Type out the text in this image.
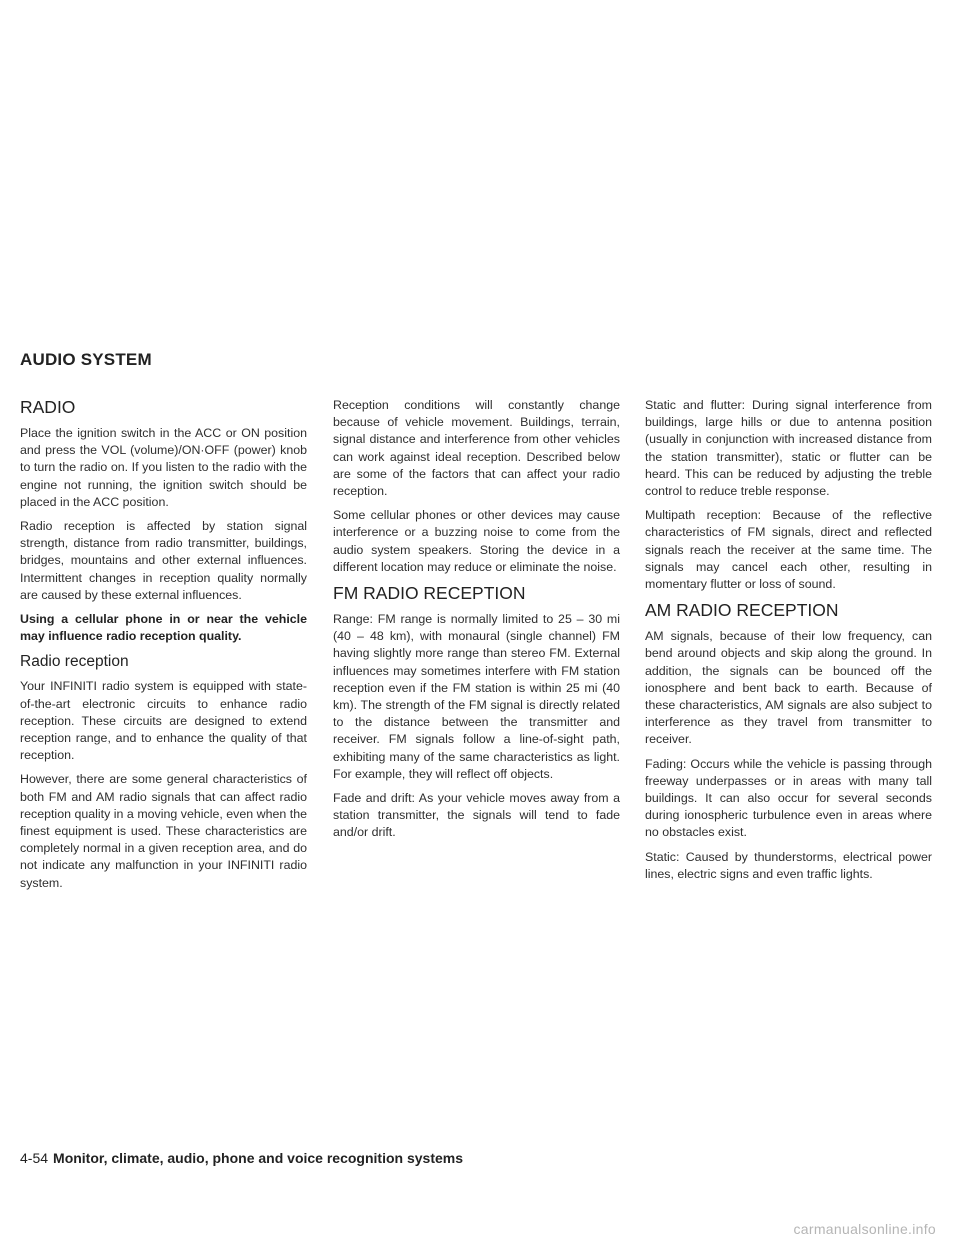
AUDIO SYSTEM
RADIO

Place the ignition switch in the ACC or ON position and press the VOL (volume)/ON·OFF (power) knob to turn the radio on. If you listen to the radio with the engine not running, the ignition switch should be placed in the ACC position.

Radio reception is affected by station signal strength, distance from radio transmitter, buildings, bridges, mountains and other external influences. Intermittent changes in reception quality normally are caused by these external influences.

Using a cellular phone in or near the vehicle may influence radio reception quality.

Radio reception

Your INFINITI radio system is equipped with state-of-the-art electronic circuits to enhance radio reception. These circuits are designed to extend reception range, and to enhance the quality of that reception.

However, there are some general characteristics of both FM and AM radio signals that can affect radio reception quality in a moving vehicle, even when the finest equipment is used. These characteristics are completely normal in a given reception area, and do not indicate any malfunction in your INFINITI radio system.

Reception conditions will constantly change because of vehicle movement. Buildings, terrain, signal distance and interference from other vehicles can work against ideal reception. Described below are some of the factors that can affect your radio reception.

Some cellular phones or other devices may cause interference or a buzzing noise to come from the audio system speakers. Storing the device in a different location may reduce or eliminate the noise.

FM RADIO RECEPTION

Range: FM range is normally limited to 25 – 30 mi (40 – 48 km), with monaural (single channel) FM having slightly more range than stereo FM. External influences may sometimes interfere with FM station reception even if the FM station is within 25 mi (40 km). The strength of the FM signal is directly related to the distance between the transmitter and receiver. FM signals follow a line-of-sight path, exhibiting many of the same characteristics as light. For example, they will reflect off objects.

Fade and drift: As your vehicle moves away from a station transmitter, the signals will tend to fade and/or drift.

Static and flutter: During signal interference from buildings, large hills or due to antenna position (usually in conjunction with increased distance from the station transmitter), static or flutter can be heard. This can be reduced by adjusting the treble control to reduce treble response.

Multipath reception: Because of the reflective characteristics of FM signals, direct and reflected signals reach the receiver at the same time. The signals may cancel each other, resulting in momentary flutter or loss of sound.

AM RADIO RECEPTION

AM signals, because of their low frequency, can bend around objects and skip along the ground. In addition, the signals can be bounced off the ionosphere and bent back to earth. Because of these characteristics, AM signals are also subject to interference as they travel from transmitter to receiver.

Fading: Occurs while the vehicle is passing through freeway underpasses or in areas with many tall buildings. It can also occur for several seconds during ionospheric turbulence even in areas where no obstacles exist.

Static: Caused by thunderstorms, electrical power lines, electric signs and even traffic lights.

4-54 Monitor, climate, audio, phone and voice recognition systems
carmanualsonline.info
